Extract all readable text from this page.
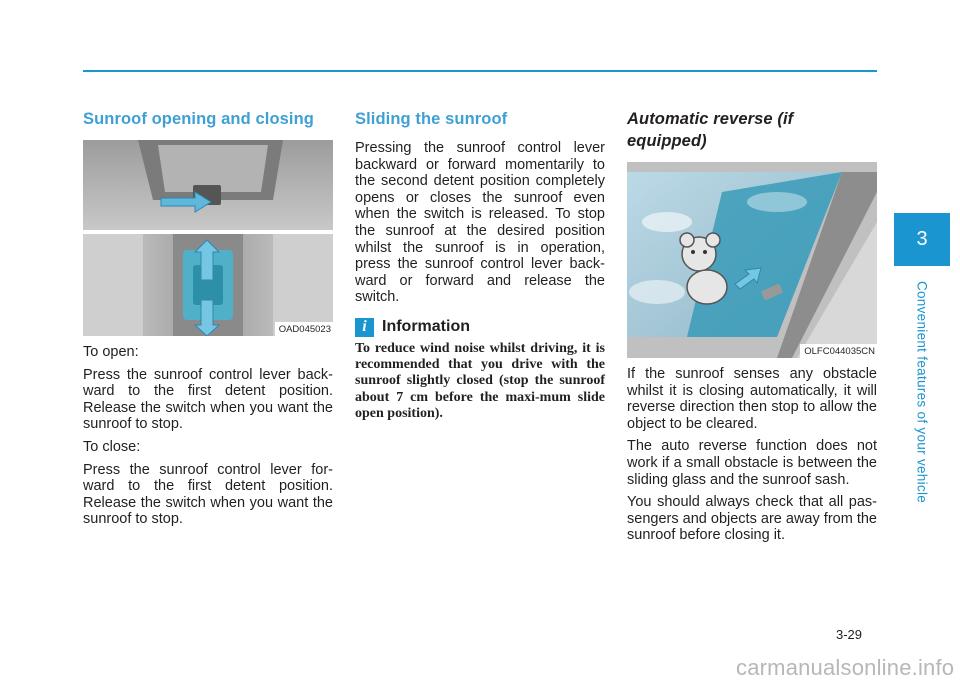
Sunroof opening and closing
OAD045023

To open:

Press the sunroof control lever back-ward to the first detent position. Release the switch when you want the sunroof to stop.

To close:

Press the sunroof control lever for-ward to the first detent position. Release the switch when you want the sunroof to stop.

Sliding the sunroof

Pressing the sunroof control lever backward or forward momentarily to the second detent position completely opens or closes the sunroof even when the switch is released. To stop the sunroof at the desired position whilst the sunroof is in operation, press the sunroof control lever back-ward or forward and release the switch.

i Information

To reduce wind noise whilst driving, it is recommended that you drive with the sunroof slightly closed (stop the sunroof about 7 cm before the maxi-mum slide open position).

Automatic reverse (if equipped)
OLFC044035CN

If the sunroof senses any obstacle whilst it is closing automatically, it will reverse direction then stop to allow the object to be cleared.

The auto reverse function does not work if a small obstacle is between the sliding glass and the sunroof sash.

You should always check that all pas-sengers and objects are away from the sunroof before closing it.

3
Convenient features of your vehicle
3-29
carmanualsonline.info
